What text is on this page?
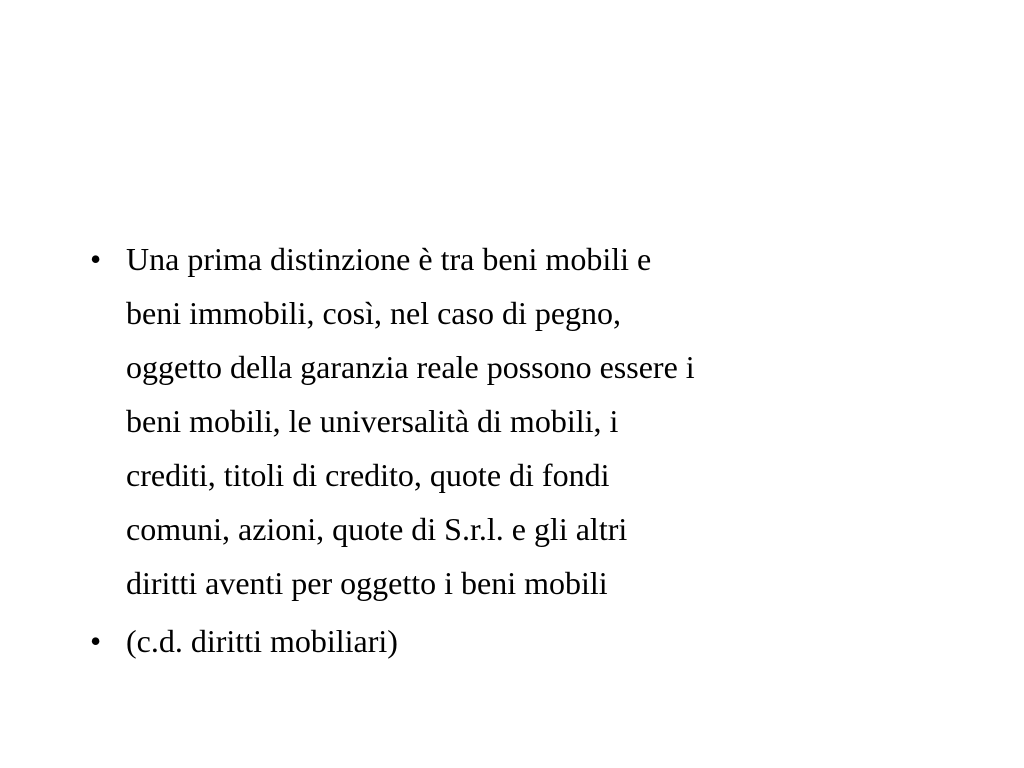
• Una prima distinzione è tra beni mobili e
beni immobili, così, nel caso di pegno,
oggetto della garanzia reale possono essere i
beni mobili, le universalità di mobili, i
crediti, titoli di credito, quote di fondi
comuni, azioni, quote di S.r.l. e gli altri
diritti aventi per oggetto i beni mobili
• (c.d. diritti mobiliari)
